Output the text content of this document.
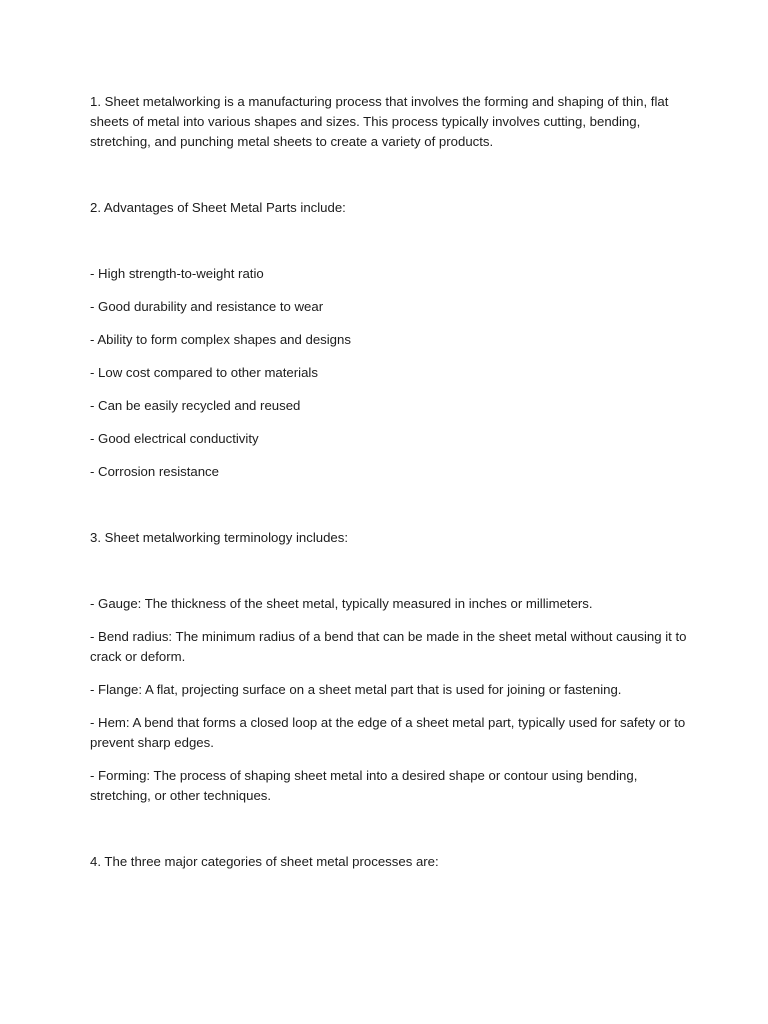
1. Sheet metalworking is a manufacturing process that involves the forming and shaping of thin, flat sheets of metal into various shapes and sizes. This process typically involves cutting, bending, stretching, and punching metal sheets to create a variety of products.

2. Advantages of Sheet Metal Parts include:

- High strength-to-weight ratio

- Good durability and resistance to wear

- Ability to form complex shapes and designs

- Low cost compared to other materials

- Can be easily recycled and reused

- Good electrical conductivity

- Corrosion resistance

3. Sheet metalworking terminology includes:

- Gauge: The thickness of the sheet metal, typically measured in inches or millimeters.

- Bend radius: The minimum radius of a bend that can be made in the sheet metal without causing it to crack or deform.

- Flange: A flat, projecting surface on a sheet metal part that is used for joining or fastening.

- Hem: A bend that forms a closed loop at the edge of a sheet metal part, typically used for safety or to prevent sharp edges.

- Forming: The process of shaping sheet metal into a desired shape or contour using bending, stretching, or other techniques.

4. The three major categories of sheet metal processes are:
